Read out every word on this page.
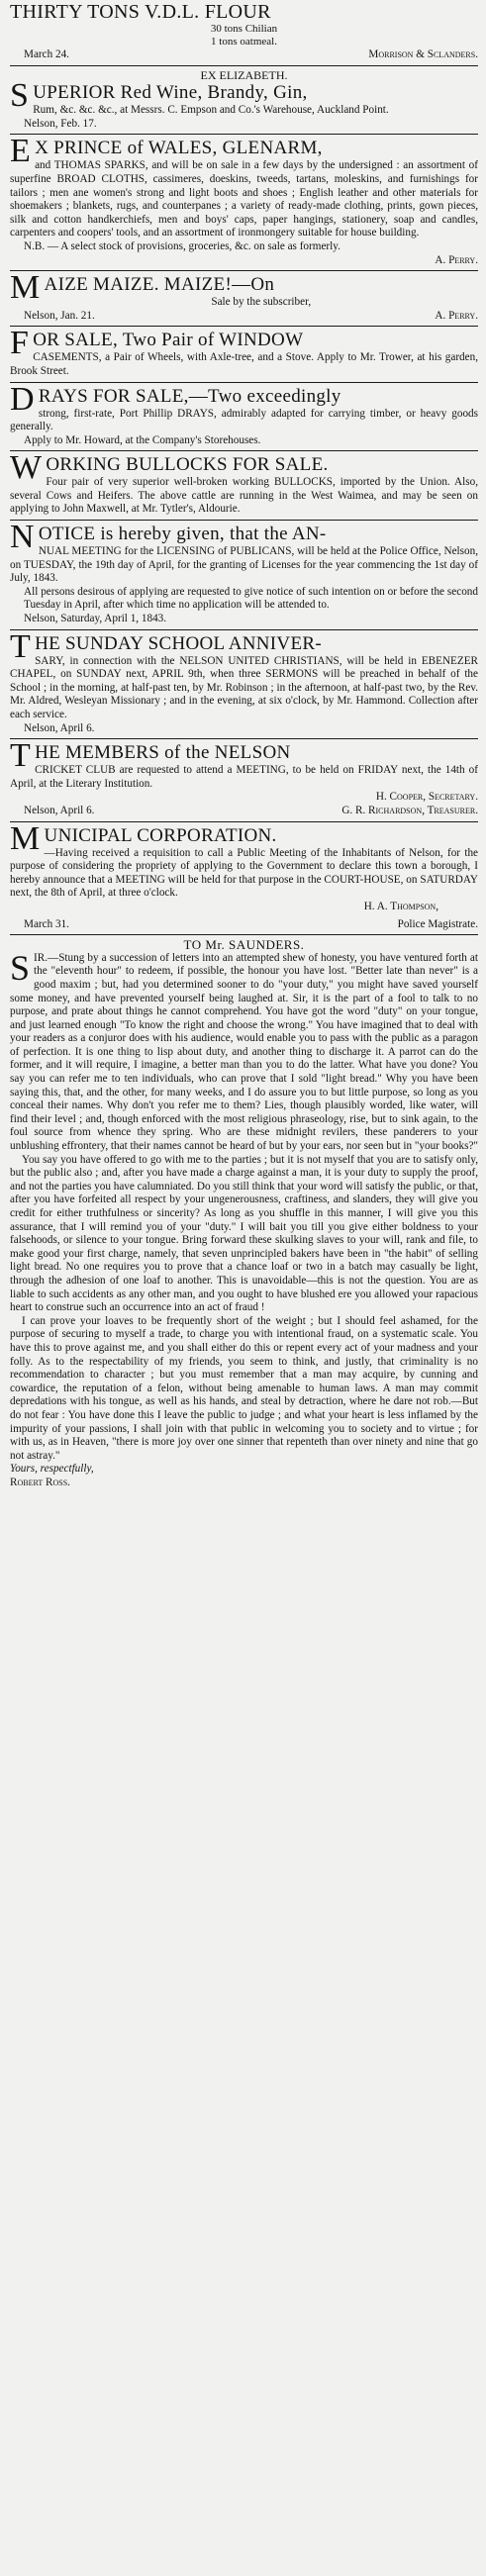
THIRTY TONS V.D.L. FLOUR

30 tons Chilian

1 tons oatmeal.

March 24.	Morrison & Sclanders.

EX ELIZABETH.

SUPERIOR Red Wine, Brandy, Gin,

Rum, &c. &c. &c., at Messrs. C. Empson and Co.'s Warehouse, Auckland Point.

Nelson, Feb. 17.

E X PRINCE of WALES, GLENARM,

and THOMAS SPARKS, and will be on sale in a few days by the undersigned : an assortment of superfine BROAD CLOTHS, cassimeres, doeskins, tweeds, tartans, moleskins, and furnishings for tailors ; men ane women's strong and light boots and shoes ; English leather and other materials for shoemakers ; blankets, rugs, and counterpanes ; a variety of ready-made clothing, prints, gown pieces, silk and cotton handkerchiefs, men and boys' caps, paper hangings, stationery, soap and candles, carpenters and coopers' tools, and an assortment of ironmongery suitable for house building.

N.B. — A select stock of provisions, groceries, &c. on sale as formerly.

A. Perry.

MAIZE MAIZE. MAIZE!—On

Sale by the subscriber,

Nelson, Jan. 21.	A. Perry.

FOR SALE, Two Pair of WINDOW

CASEMENTS, a Pair of Wheels, with Axle-tree, and a Stove. Apply to Mr. Trower, at his garden, Brook Street.

DRAYS FOR SALE,—Two exceedingly

strong, first-rate, Port Phillip DRAYS, admirably adapted for carrying timber, or heavy goods generally.

Apply to Mr. Howard, at the Company's Storehouses.

WORKING BULLOCKS FOR SALE.

Four pair of very superior well-broken working BULLOCKS, imported by the Union. Also, several Cows and Heifers. The above cattle are running in the West Waimea, and may be seen on applying to John Maxwell, at Mr. Tytler's, Aldourie.

NOTICE is hereby given, that the AN-

NUAL MEETING for the LICENSING of PUBLICANS, will be held at the Police Office, Nelson, on TUESDAY, the 19th day of April, for the granting of Licenses for the year commencing the 1st day of July, 1843.

All persons desirous of applying are requested to give notice of such intention on or before the second Tuesday in April, after which time no application will be attended to.

Nelson, Saturday, April 1, 1843.

THE SUNDAY SCHOOL ANNIVER-

SARY, in connection with the NELSON UNITED CHRISTIANS, will be held in EBENEZER CHAPEL, on SUNDAY next, APRIL 9th, when three SERMONS will be preached in behalf of the School ; in the morning, at half-past ten, by Mr. Robinson ; in the afternoon, at half-past two, by the Rev. Mr. Aldred, Wesleyan Missionary ; and in the evening, at six o'clock, by Mr. Hammond. Collection after each service.

Nelson, April 6.

THE MEMBERS of the NELSON

CRICKET CLUB are requested to attend a MEETING, to be held on FRIDAY next, the 14th of April, at the Literary Institution.

H. Cooper, Secretary.

Nelson, April 6.	G. R. Richardson, Treasurer.

MUNICIPAL CORPORATION.

—Having received a requisition to call a Public Meeting of the Inhabitants of Nelson, for the purpose of considering the propriety of applying to the Government to declare this town a borough, I hereby announce that a MEETING will be held for that purpose in the COURT-HOUSE, on SATURDAY next, the 8th of April, at three o'clock.

H. A. Thompson,

March 31.	Police Magistrate.

TO Mr. SAUNDERS.

SIR.—Stung by a succession of letters into an attempted shew of honesty, you have ventured forth at the "eleventh hour" to redeem, if possible, the honour you have lost. "Better late than never" is a good maxim ; but, had you determined sooner to do "your duty," you might have saved yourself some money, and have prevented yourself being laughed at. Sir, it is the part of a fool to talk to no purpose, and prate about things he cannot comprehend. You have got the word "duty" on your tongue, and just learned enough "To know the right and choose the wrong." You have imagined that to deal with your readers as a conjuror does with his audience, would enable you to pass with the public as a paragon of perfection. It is one thing to lisp about duty, and another thing to discharge it. A parrot can do the former, and it will require, I imagine, a better man than you to do the latter. What have you done? You say you can refer me to ten individuals, who can prove that I sold "light bread." Why you have been saying this, that, and the other, for many weeks, and I do assure you to but little purpose, so long as you conceal their names. Why don't you refer me to them? Lies, though plausibly worded, like water, will find their level ; and, though enforced with the most religious phraseology, rise, but to sink again, to the foul source from whence they spring. Who are these midnight revilers, these panderers to your unblushing effrontery, that their names cannot be heard of but by your ears, nor seen but in "your books?"

You say you have offered to go with me to the parties ; but it is not myself that you are to satisfy only, but the public also ; and, after you have made a charge against a man, it is your duty to supply the proof, and not the parties you have calumniated. Do you still think that your word will satisfy the public, or that, after you have forfeited all respect by your ungenerousness, craftiness, and slanders, they will give you credit for either truthfulness or sincerity? As long as you shuffle in this manner, I will give you this assurance, that I will remind you of your "duty." I will bait you till you give either boldness to your falsehoods, or silence to your tongue. Bring forward these skulking slaves to your will, rank and file, to make good your first charge, namely, that seven unprincipled bakers have been in "the habit" of selling light bread. No one requires you to prove that a chance loaf or two in a batch may casually be light, through the adhesion of one loaf to another. This is unavoidable—this is not the question. You are as liable to such accidents as any other man, and you ought to have blushed ere you allowed your rapacious heart to construe such an occurrence into an act of fraud !

I can prove your loaves to be frequently short of the weight ; but I should feel ashamed, for the purpose of securing to myself a trade, to charge you with intentional fraud, on a systematic scale. You have this to prove against me, and you shall either do this or repent every act of your madness and your folly. As to the respectability of my friends, you seem to think, and justly, that criminality is no recommendation to character ; but you must remember that a man may acquire, by cunning and cowardice, the reputation of a felon, without being amenable to human laws. A man may commit depredations with his tongue, as well as his hands, and steal by detraction, where he dare not rob.—But do not fear : You have done this I leave the public to judge ; and what your heart is less inflamed by the impurity of your passions, I shall join with that public in welcoming you to society and to virtue ; for with us, as in Heaven, "there is more joy over one sinner that repenteth than over ninety and nine that go not astray."

Yours, respectfully,

Robert Ross.
